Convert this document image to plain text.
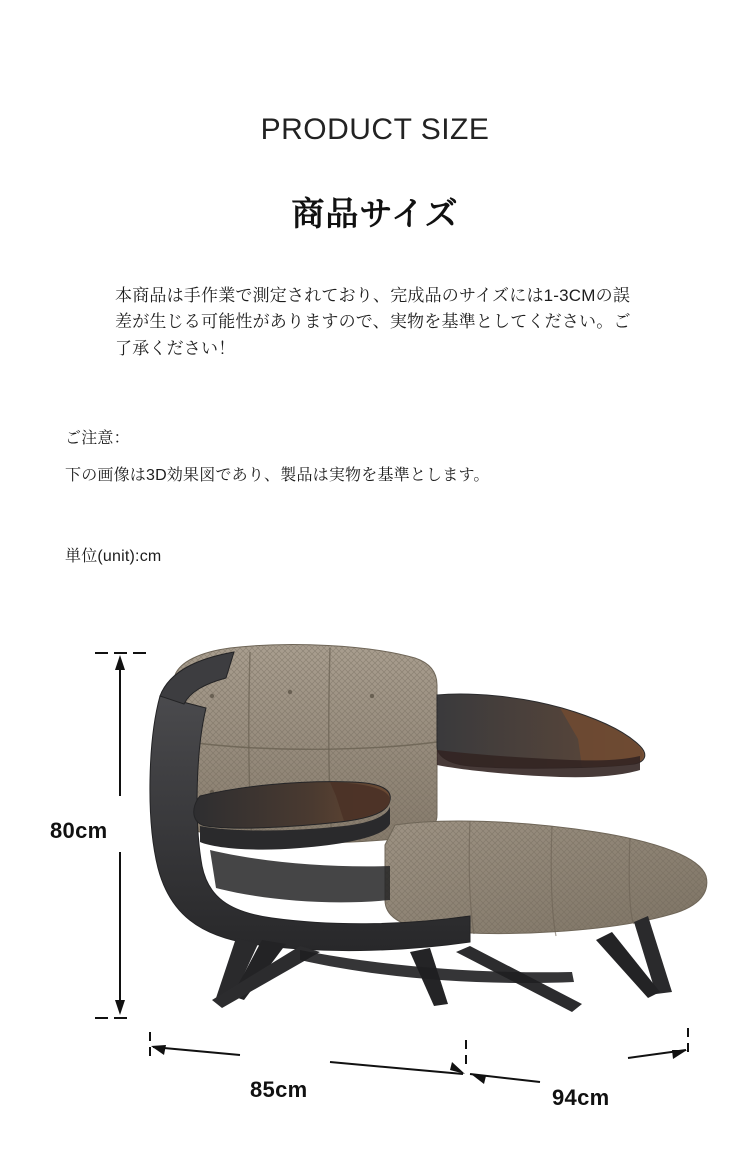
PRODUCT SIZE
商品サイズ
本商品は手作業で測定されており、完成品のサイズには1-3CMの誤差が生じる可能性がありますので、実物を基準としてください。ご了承ください！
ご注意：
下の画像は3D効果図であり、製品は実物を基準とします。
単位(unit):cm
80cm
85cm	94cm
